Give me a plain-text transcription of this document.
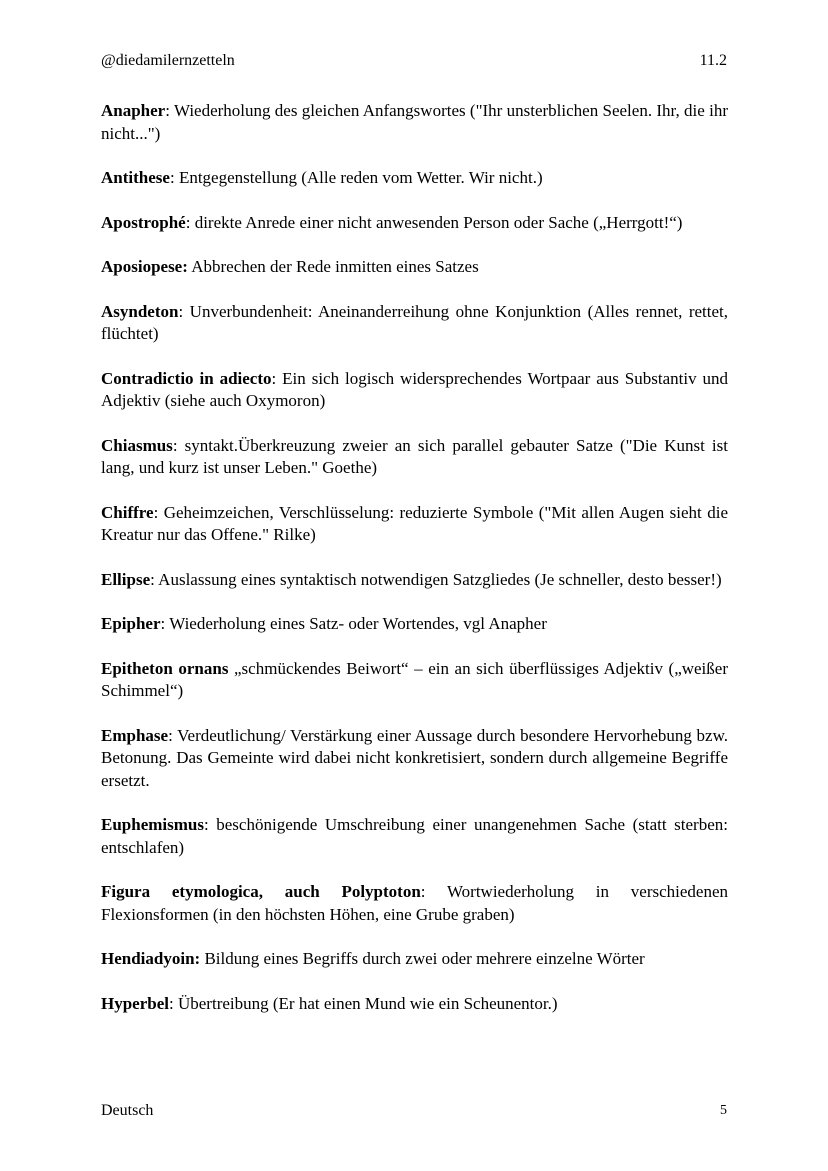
@diedamilernzetteln	11.2

Anapher: Wiederholung des gleichen Anfangswortes ("Ihr unsterblichen Seelen. Ihr, die ihr nicht...")

Antithese: Entgegenstellung (Alle reden vom Wetter. Wir nicht.)

Apostrophé: direkte Anrede einer nicht anwesenden Person oder Sache („Herrgott!“)

Aposiopese: Abbrechen der Rede inmitten eines Satzes

Asyndeton: Unverbundenheit: Aneinanderreihung ohne Konjunktion (Alles rennet, rettet, flüchtet)

Contradictio in adiecto: Ein sich logisch widersprechendes Wortpaar aus Substantiv und Adjektiv (siehe auch Oxymoron)

Chiasmus: syntakt.Überkreuzung zweier an sich parallel gebauter Satze ("Die Kunst ist lang, und kurz ist unser Leben." Goethe)

Chiffre: Geheimzeichen, Verschlüsselung: reduzierte Symbole ("Mit allen Augen sieht die Kreatur nur das Offene." Rilke)

Ellipse: Auslassung eines syntaktisch notwendigen Satzgliedes (Je schneller, desto besser!)

Epipher: Wiederholung eines Satz- oder Wortendes, vgl Anapher

Epitheton ornans „schmückendes Beiwort“ – ein an sich überflüssiges Adjektiv („weißer Schimmel“)

Emphase: Verdeutlichung/ Verstärkung einer Aussage durch besondere Hervorhebung bzw. Betonung. Das Gemeinte wird dabei nicht konkretisiert, sondern durch allgemeine Begriffe ersetzt.

Euphemismus: beschönigende Umschreibung einer unangenehmen Sache (statt sterben: entschlafen)

Figura etymologica, auch Polyptoton: Wortwiederholung in verschiedenen Flexionsformen (in den höchsten Höhen, eine Grube graben)

Hendiadyoin: Bildung eines Begriffs durch zwei oder mehrere einzelne Wörter

Hyperbel: Übertreibung (Er hat einen Mund wie ein Scheunentor.)

Deutsch	5
